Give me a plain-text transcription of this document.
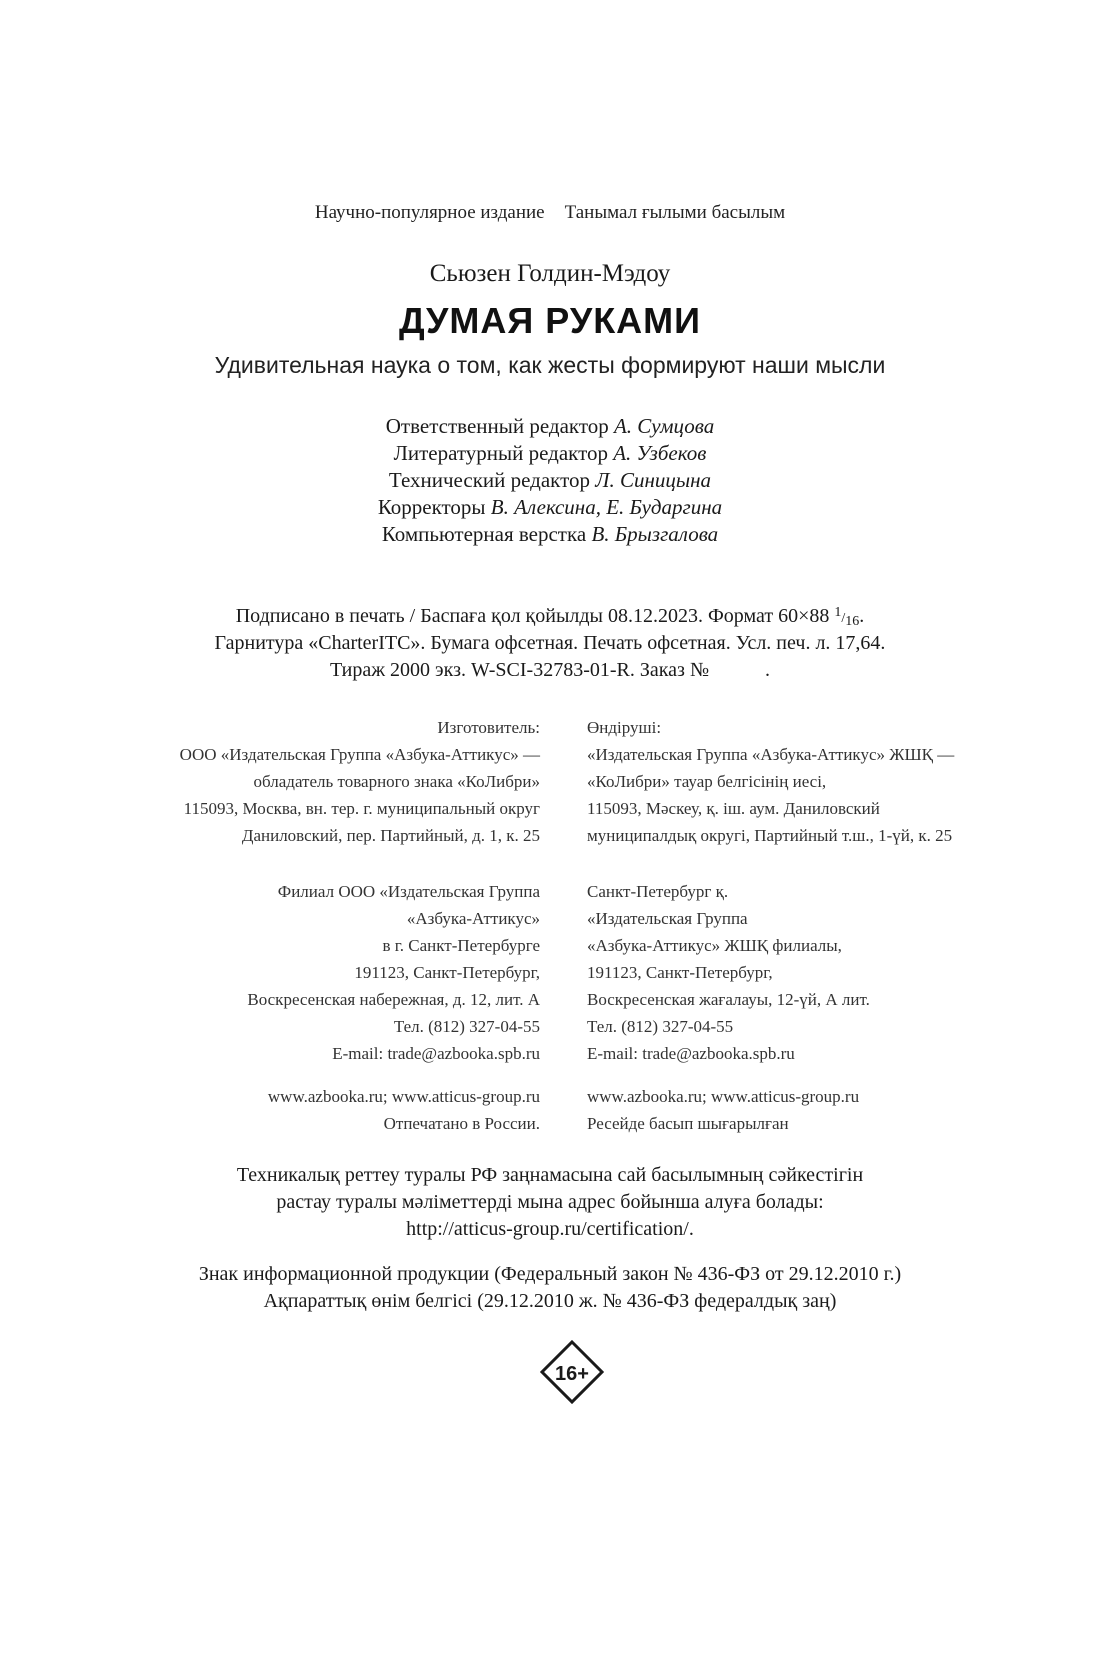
Научно-популярное издание Танымал ғылыми басылым
Сьюзен Голдин-Мэдоу
ДУМАЯ РУКАМИ
Удивительная наука о том, как жесты формируют наши мысли
Ответственный редактор А. Сумцова
Литературный редактор А. Узбеков
Технический редактор Л. Синицына
Корректоры В. Алексина, Е. Бударгина
Компьютерная верстка В. Брызгалова
Подписано в печать / Баспаға қол қойылды 08.12.2023. Формат 60×88 1/16.
Гарнитура «CharterITC». Бумага офсетная. Печать офсетная. Усл. печ. л. 17,64.
Тираж 2000 экз. W-SCI-32783-01-R. Заказ №	.
Изготовитель:
ООО «Издательская Группа «Азбука-Аттикус» —
обладатель товарного знака «КоЛибри»
115093, Москва, вн. тер. г. муниципальный округ
Даниловский, пер. Партийный, д. 1, к. 25
Өндіруші:
«Издательская Группа «Азбука-Аттикус» ЖШҚ —
«КоЛибри» тауар белгісінің иесі,
115093, Мәскеу, қ. іш. аум. Даниловский
муниципалдық округі, Партийный т.ш., 1-үй, к. 25
Филиал ООО «Издательская Группа
«Азбука-Аттикус»
в г. Санкт-Петербурге
191123, Санкт-Петербург,
Воскресенская набережная, д. 12, лит. А
Тел. (812) 327-04-55
E-mail: trade@azbooka.spb.ru
Санкт-Петербург қ.
«Издательская Группа
«Азбука-Аттикус» ЖШҚ филиалы,
191123, Санкт-Петербург,
Воскресенская жағалауы, 12-үй, А лит.
Тел. (812) 327-04-55
E-mail: trade@azbooka.spb.ru
www.azbooka.ru; www.atticus-group.ru
Отпечатано в России.
www.azbooka.ru; www.atticus-group.ru
Ресейде басып шығарылған
Техникалық реттеу туралы РФ заңнамасына сай басылымның сәйкестігін
растау туралы мәліметтерді мына адрес бойынша алуға болады:
http://atticus-group.ru/certification/.
Знак информационной продукции (Федеральный закон № 436-ФЗ от 29.12.2010 г.)
Ақпараттық өнім белгісі (29.12.2010 ж. № 436-ФЗ федералдық заң)
16+
